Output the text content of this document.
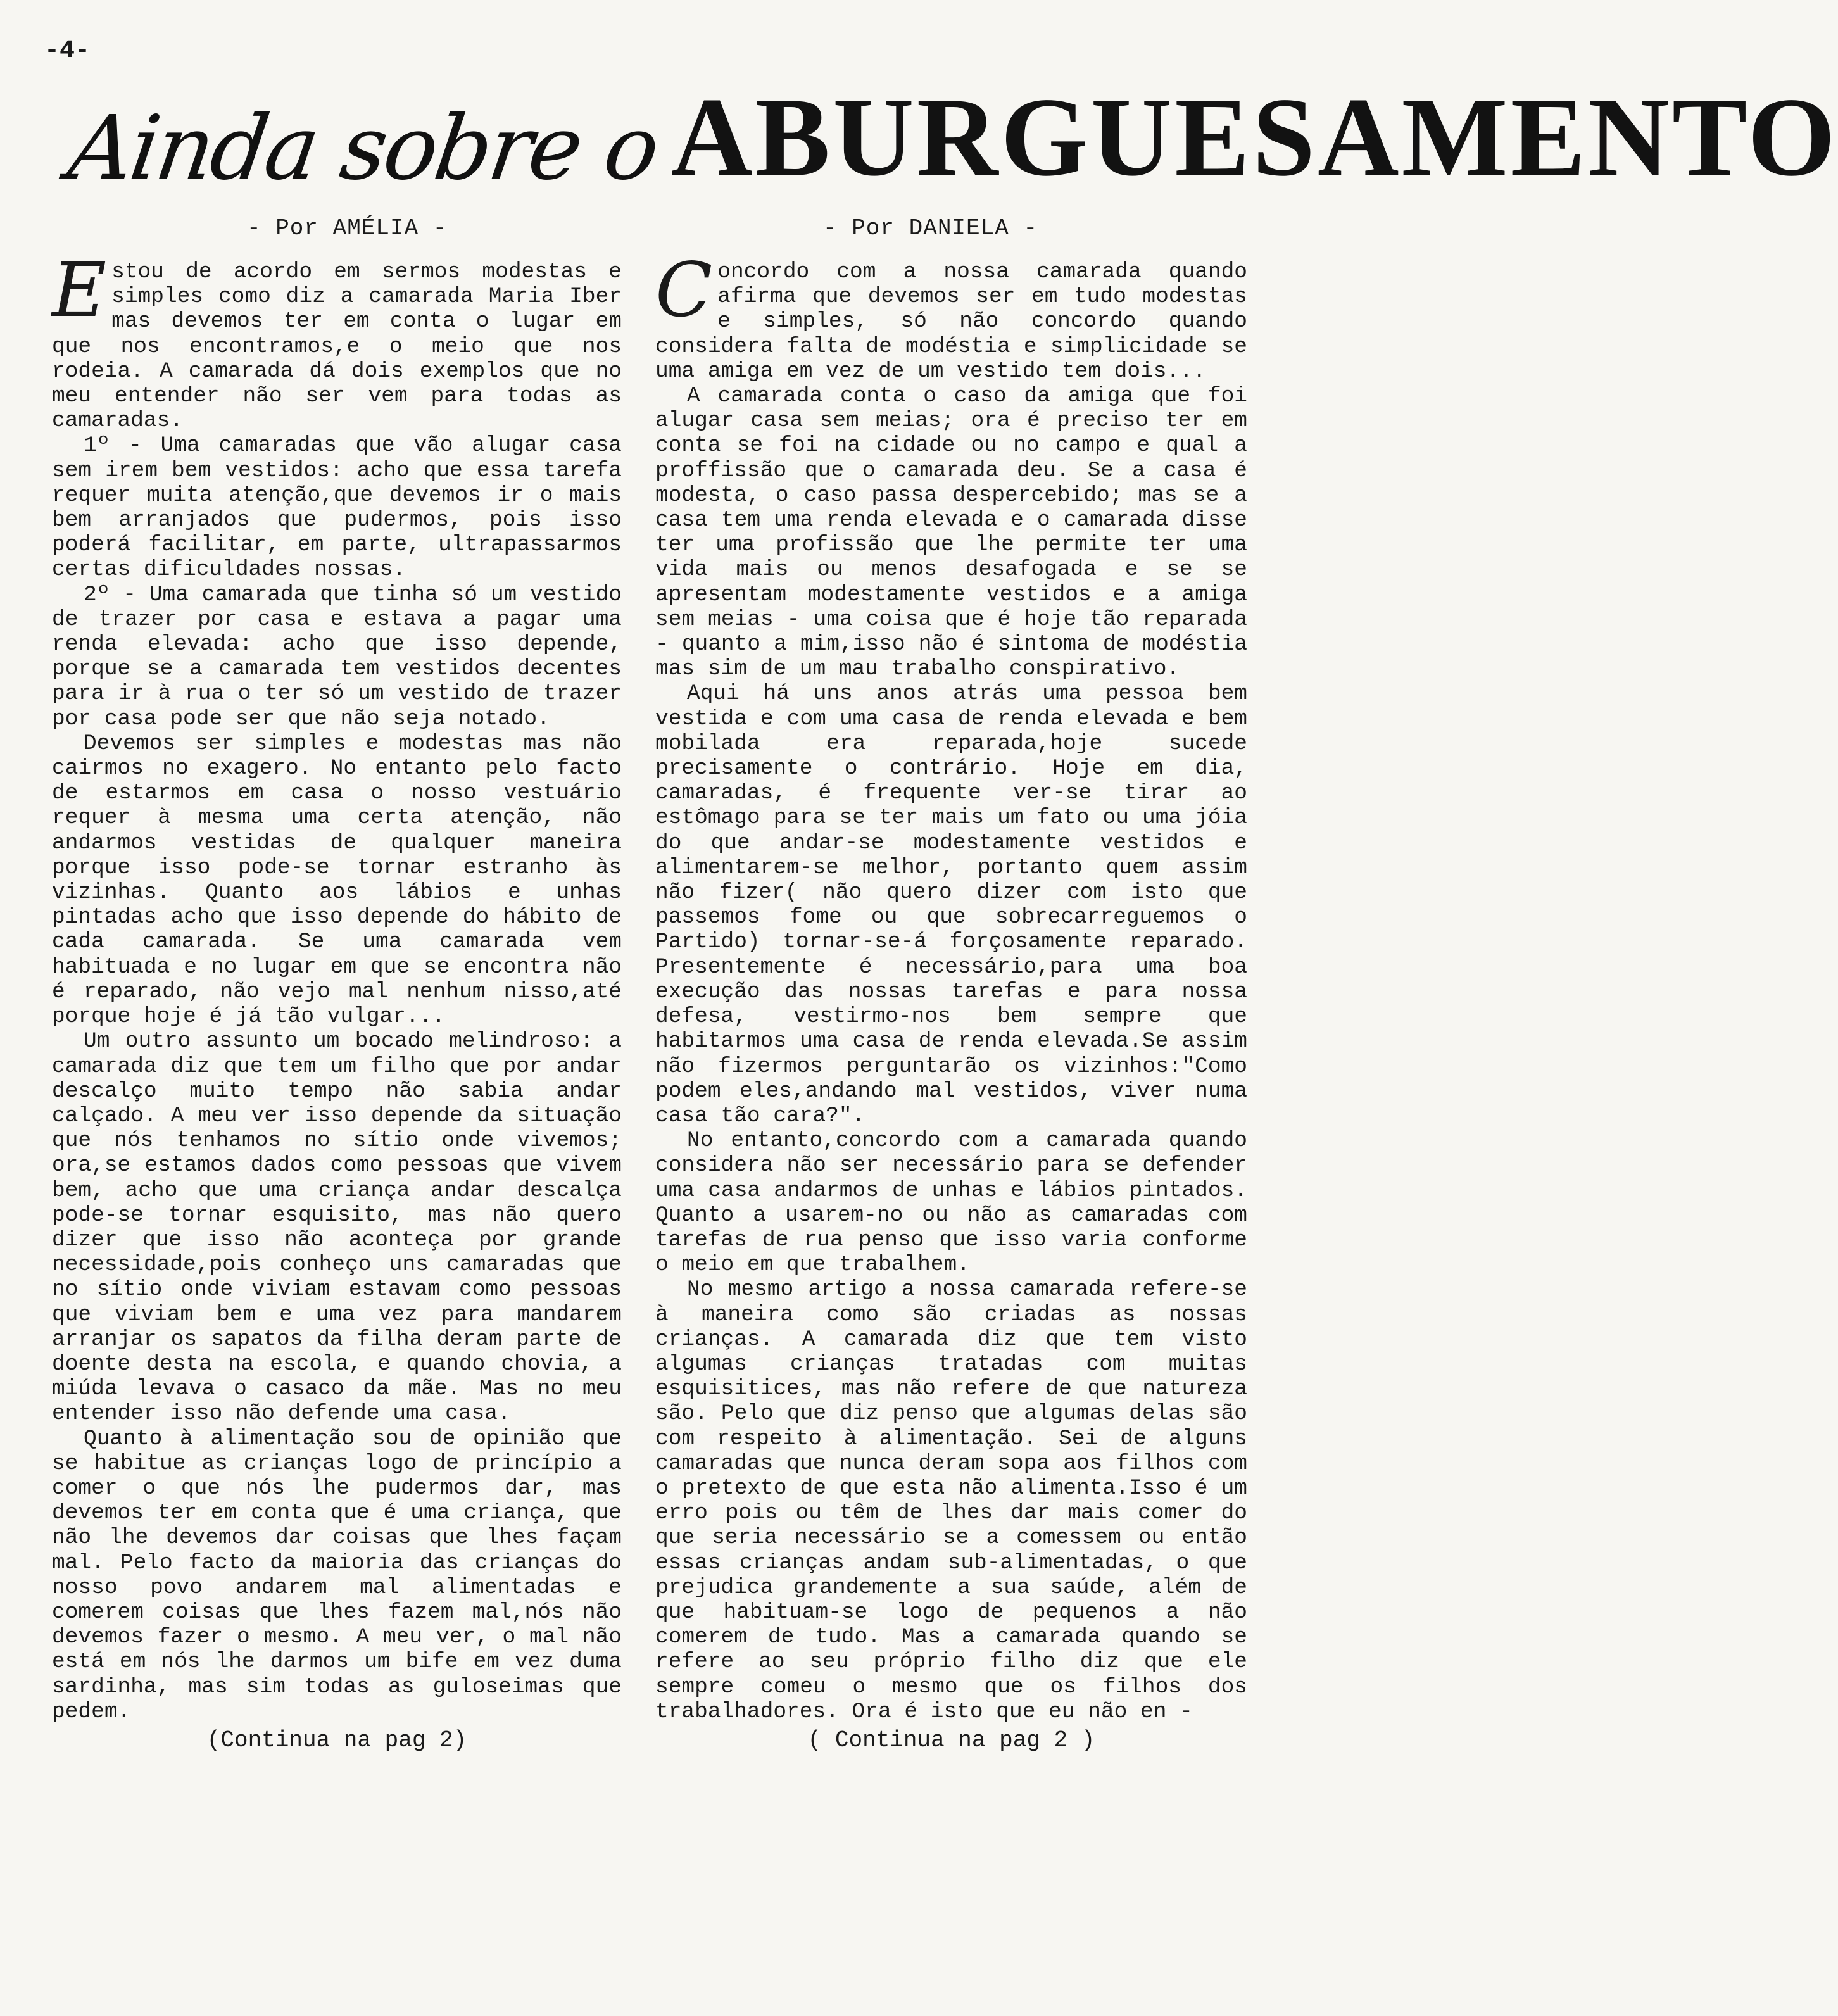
-4-
Ainda sobre o ABURGUESAMENTO
- Por AMÉLIA -	- Por DANIELA -

Estou de acordo em sermos modestas e simples como diz a camarada Maria Iber mas devemos ter em conta o lugar em que nos encontramos,e o meio que nos rodeia. A camarada dá dois exemplos que no meu entender não ser vem para todas as camaradas.

1º - Uma camaradas que vão alugar casa sem irem bem vestidos: acho que essa tarefa requer muita atenção,que devemos ir o mais bem arranjados que pudermos, pois isso poderá facilitar, em parte, ultrapassarmos certas dificuldades nossas.

2º - Uma camarada que tinha só um vestido de trazer por casa e estava a pagar uma renda elevada: acho que isso depende, porque se a camarada tem vestidos decentes para ir à rua o ter só um vestido de trazer por casa pode ser que não seja notado.

Devemos ser simples e modestas mas não cairmos no exagero. No entanto pelo facto de estarmos em casa o nosso vestuário requer à mesma uma certa atenção, não andarmos vestidas de qualquer maneira porque isso pode-se tornar estranho às vizinhas. Quanto aos lábios e unhas pintadas acho que isso depende do hábito de cada camarada. Se uma camarada vem habituada e no lugar em que se encontra não é reparado, não vejo mal nenhum nisso,até porque hoje é já tão vulgar...

Um outro assunto um bocado melindroso: a camarada diz que tem um filho que por andar descalço muito tempo não sabia andar calçado. A meu ver isso depende da situação que nós tenhamos no sítio onde vivemos; ora,se estamos dados como pessoas que vivem bem, acho que uma criança andar descalça pode-se tornar esquisito, mas não quero dizer que isso não aconteça por grande necessidade,pois conheço uns camaradas que no sítio onde viviam estavam como pessoas que viviam bem e uma vez para mandarem arranjar os sapatos da filha deram parte de doente desta na escola, e quando chovia, a miúda levava o casaco da mãe. Mas no meu entender isso não defende uma casa.

Quanto à alimentação sou de opinião que se habitue as crianças logo de princípio a comer o que nós lhe pudermos dar, mas devemos ter em conta que é uma criança, que não lhe devemos dar coisas que lhes façam mal. Pelo facto da maioria das crianças do nosso povo andarem mal alimentadas e comerem coisas que lhes fazem mal,nós não devemos fazer o mesmo. A meu ver, o mal não está em nós lhe darmos um bife em vez duma sardinha, mas sim todas as guloseimas que pedem.

(Continua na pag 2)

Concordo com a nossa camarada quando afirma que devemos ser em tudo modestas e simples, só não concordo quando considera falta de modéstia e simplicidade se uma amiga em vez de um vestido tem dois...

A camarada conta o caso da amiga que foi alugar casa sem meias; ora é preciso ter em conta se foi na cidade ou no campo e qual a proffissão que o camarada deu. Se a casa é modesta, o caso passa despercebido; mas se a casa tem uma renda elevada e o camarada disse ter uma profissão que lhe permite ter uma vida mais ou menos desafogada e se se apresentam modestamente vestidos e a amiga sem meias - uma coisa que é hoje tão reparada - quanto a mim,isso não é sintoma de modéstia mas sim de um mau trabalho conspirativo.

Aqui há uns anos atrás uma pessoa bem vestida e com uma casa de renda elevada e bem mobilada era reparada,hoje sucede precisamente o contrário. Hoje em dia, camaradas, é frequente ver-se tirar ao estômago para se ter mais um fato ou uma jóia do que andar-se modestamente vestidos e alimentarem-se melhor, portanto quem assim não fizer( não quero dizer com isto que passemos fome ou que sobrecarreguemos o Partido) tornar-se-á forçosamente reparado. Presentemente é necessário,para uma boa execução das nossas tarefas e para nossa defesa, vestirmo-nos bem sempre que habitarmos uma casa de renda elevada.Se assim não fizermos perguntarão os vizinhos:"Como podem eles,andando mal vestidos, viver numa casa tão cara?".

No entanto,concordo com a camarada quando considera não ser necessário para se defender uma casa andarmos de unhas e lábios pintados. Quanto a usarem-no ou não as camaradas com tarefas de rua penso que isso varia conforme o meio em que trabalhem.

No mesmo artigo a nossa camarada refere-se à maneira como são criadas as nossas crianças. A camarada diz que tem visto algumas crianças tratadas com muitas esquisitices, mas não refere de que natureza são. Pelo que diz penso que algumas delas são com respeito à alimentação. Sei de alguns camaradas que nunca deram sopa aos filhos com o pretexto de que esta não alimenta.Isso é um erro pois ou têm de lhes dar mais comer do que seria necessário se a comessem ou então essas crianças andam sub-alimentadas, o que prejudica grandemente a sua saúde, além de que habituam-se logo de pequenos a não comerem de tudo. Mas a camarada quando se refere ao seu próprio filho diz que ele sempre comeu o mesmo que os filhos dos trabalhadores. Ora é isto que eu não en -

( Continua na pag 2 )
